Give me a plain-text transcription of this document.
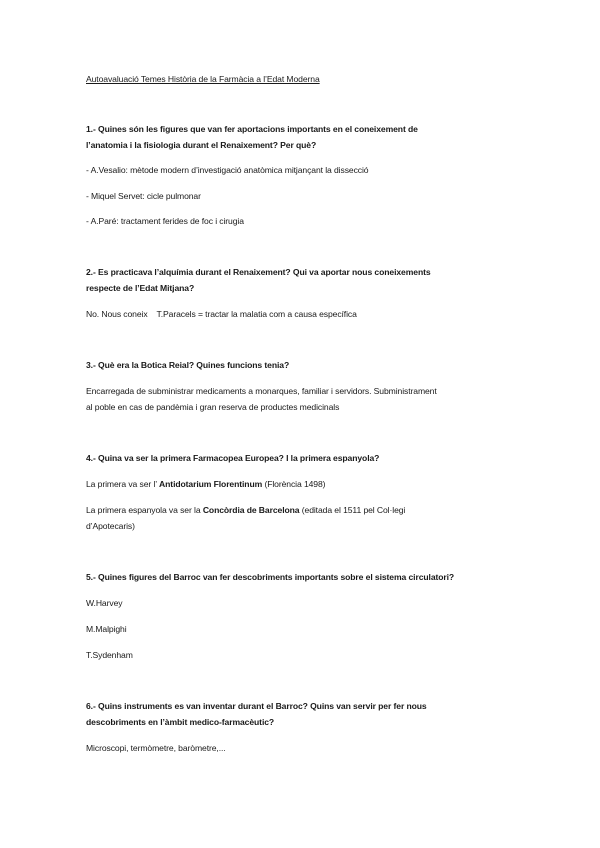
Autoavaluació Temes Història de la Farmàcia a l’Edat Moderna
1.- Quines són les figures que van fer aportacions importants en el coneixement de
l’anatomia i la fisiologia durant el Renaixement? Per què?
- A.Vesalio: mètode modern d’investigació anatòmica mitjançant la dissecció
- Miquel Servet: cicle pulmonar
- A.Paré: tractament ferides de foc i cirugia
2.- Es practicava l’alquímia durant el Renaixement? Qui va aportar nous coneixements
respecte de l’Edat Mitjana?
No. Nous coneix    T.Paracels = tractar la malatia com a causa específica
3.- Què era la Botica Reial? Quines funcions tenia?
Encarregada de subministrar medicaments a monarques, familiar i servidors. Subministrament
al poble en cas de pandèmia i gran reserva de productes medicinals
4.- Quina va ser la primera Farmacopea Europea? I la primera espanyola?
La primera va ser l’ Antidotarium Florentinum (Florència 1498)
La primera espanyola va ser la Concòrdia de Barcelona (editada el 1511 pel Col·legi
d’Apotecaris)
5.- Quines figures del Barroc van fer descobriments importants sobre el sistema circulatori?
W.Harvey
M.Malpighi
T.Sydenham
6.- Quins instruments es van inventar durant el Barroc? Quins van servir per fer nous
descobriments en l’àmbit medico-farmacèutic?
Microscopi, termòmetre, baròmetre,...
